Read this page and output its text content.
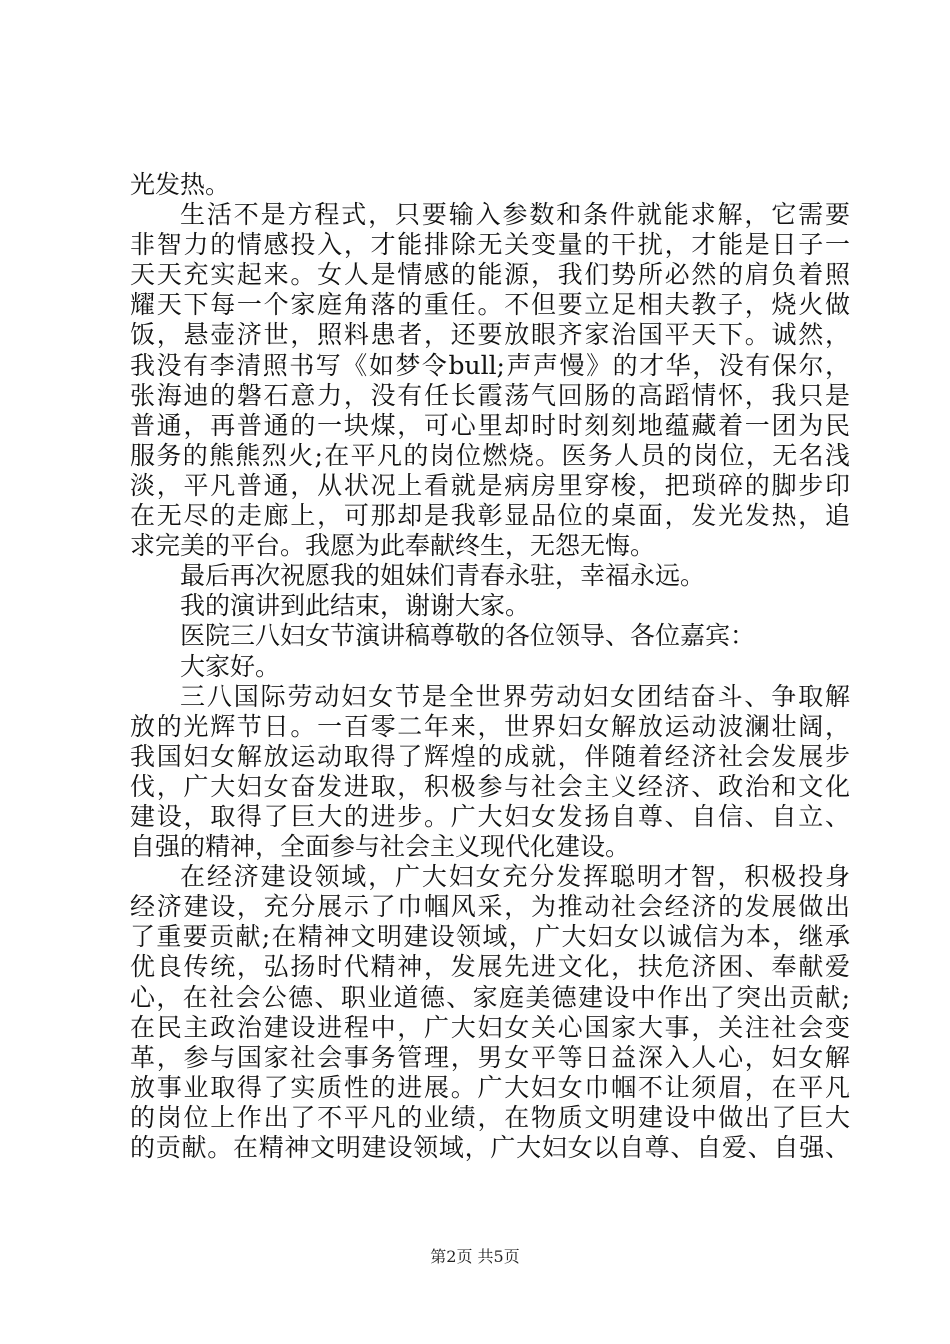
光发热。
生活不是方程式，只要输入参数和条件就能求解，它需要
非智力的情感投入，才能排除无关变量的干扰，才能是日子一
天天充实起来。女人是情感的能源，我们势所必然的肩负着照
耀天下每一个家庭角落的重任。不但要立足相夫教子，烧火做
饭，悬壶济世，照料患者，还要放眼齐家治国平天下。诚然，
我没有李清照书写《如梦令bull;声声慢》的才华，没有保尔，
张海迪的磐石意力，没有任长霞荡气回肠的高蹈情怀，我只是
普通，再普通的一块煤，可心里却时时刻刻地蕴藏着一团为民
服务的熊熊烈火;在平凡的岗位燃烧。医务人员的岗位，无名浅
淡，平凡普通，从状况上看就是病房里穿梭，把琐碎的脚步印
在无尽的走廊上，可那却是我彰显品位的桌面，发光发热，追
求完美的平台。我愿为此奉献终生，无怨无悔。
最后再次祝愿我的姐妹们青春永驻，幸福永远。
我的演讲到此结束，谢谢大家。
医院三八妇女节演讲稿尊敬的各位领导、各位嘉宾：
大家好。
三八国际劳动妇女节是全世界劳动妇女团结奋斗、争取解
放的光辉节日。一百零二年来，世界妇女解放运动波澜壮阔，
我国妇女解放运动取得了辉煌的成就，伴随着经济社会发展步
伐，广大妇女奋发进取，积极参与社会主义经济、政治和文化
建设，取得了巨大的进步。广大妇女发扬自尊、自信、自立、
自强的精神，全面参与社会主义现代化建设。
在经济建设领域，广大妇女充分发挥聪明才智，积极投身
经济建设，充分展示了巾帼风采，为推动社会经济的发展做出
了重要贡献;在精神文明建设领域，广大妇女以诚信为本，继承
优良传统，弘扬时代精神，发展先进文化，扶危济困、奉献爱
心，在社会公德、职业道德、家庭美德建设中作出了突出贡献;
在民主政治建设进程中，广大妇女关心国家大事，关注社会变
革，参与国家社会事务管理，男女平等日益深入人心，妇女解
放事业取得了实质性的进展。广大妇女巾帼不让须眉，在平凡
的岗位上作出了不平凡的业绩，在物质文明建设中做出了巨大
的贡献。在精神文明建设领域，广大妇女以自尊、自爱、自强、
第2页 共5页
